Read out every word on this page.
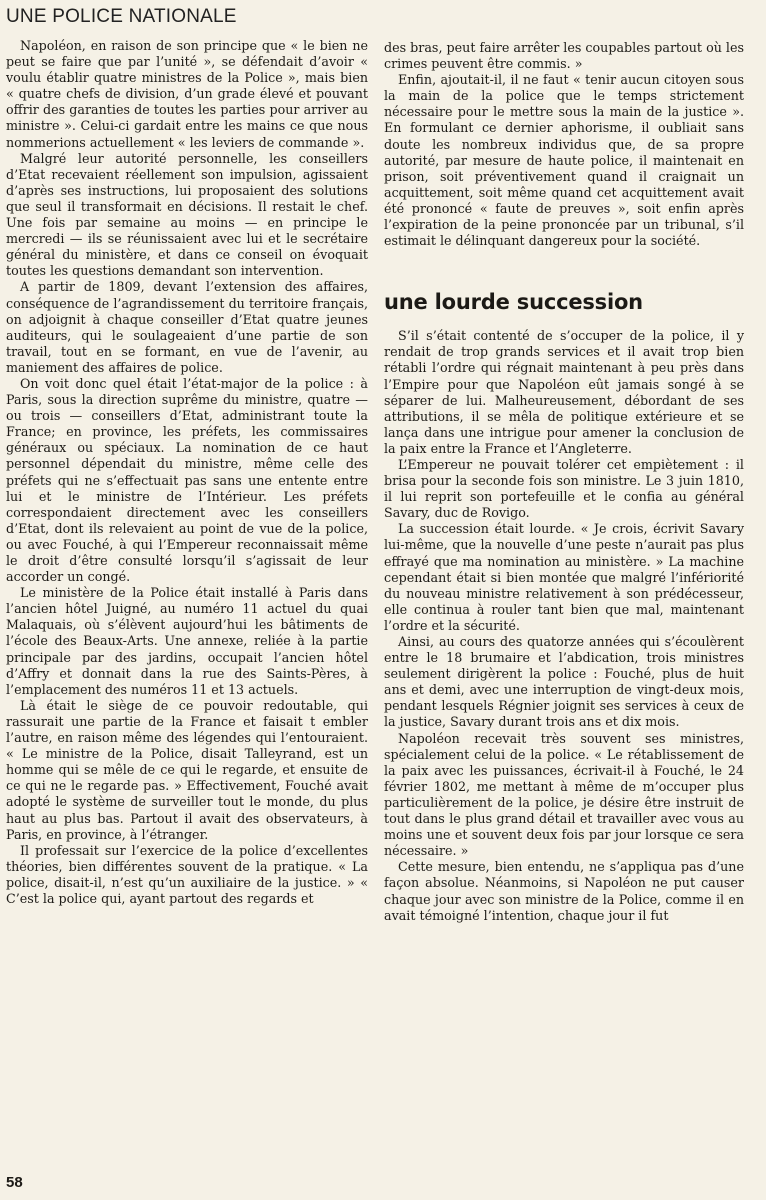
UNE POLICE NATIONALE

Napoléon, en raison de son principe que « le bien ne peut se faire que par l’unité », se défendait d’avoir « voulu établir quatre ministres de la Police », mais bien « quatre chefs de division, d’un grade élevé et pouvant offrir des garanties de toutes les parties pour arriver au ministre ». Celui-ci gardait entre les mains ce que nous nommerions actuellement « les leviers de commande ».

Malgré leur autorité personnelle, les conseillers d’Etat recevaient réellement son impulsion, agissaient d’après ses instructions, lui proposaient des solutions que seul il transformait en décisions. Il restait le chef. Une fois par semaine au moins — en principe le mercredi — ils se réunissaient avec lui et le secrétaire général du ministère, et dans ce conseil on évoquait toutes les questions demandant son intervention.

A partir de 1809, devant l’extension des affaires, conséquence de l’agrandissement du territoire français, on adjoignit à chaque conseiller d’Etat quatre jeunes auditeurs, qui le soulageaient d’une partie de son travail, tout en se formant, en vue de l’avenir, au maniement des affaires de police.

On voit donc quel était l’état-major de la police : à Paris, sous la direction suprême du ministre, quatre — ou trois — conseillers d’Etat, administrant toute la France; en province, les préfets, les commissaires généraux ou spéciaux. La nomination de ce haut personnel dépendait du ministre, même celle des préfets qui ne s’effectuait pas sans une entente entre lui et le ministre de l’Intérieur. Les préfets correspondaient directement avec les conseillers d’Etat, dont ils relevaient au point de vue de la police, ou avec Fouché, à qui l’Empereur reconnaissait même le droit d’être consulté lorsqu’il s’agissait de leur accorder un congé.

Le ministère de la Police était installé à Paris dans l’ancien hôtel Juigné, au numéro 11 actuel du quai Malaquais, où s’élèvent aujourd’hui les bâtiments de l’école des Beaux-Arts. Une annexe, reliée à la partie principale par des jardins, occupait l’ancien hôtel d’Affry et donnait dans la rue des Saints-Pères, à l’emplacement des numéros 11 et 13 actuels.

Là était le siège de ce pouvoir redoutable, qui rassurait une partie de la France et faisait t embler l’autre, en raison même des légendes qui l’entouraient. « Le ministre de la Police, disait Talleyrand, est un homme qui se mêle de ce qui le regarde, et ensuite de ce qui ne le regarde pas. » Effectivement, Fouché avait adopté le système de surveiller tout le monde, du plus haut au plus bas. Partout il avait des observateurs, à Paris, en province, à l’étranger.

Il professait sur l’exercice de la police d’excellentes théories, bien différentes souvent de la pratique. « La police, disait-il, n’est qu’un auxiliaire de la justice. » « C’est la police qui, ayant partout des regards et

des bras, peut faire arrêter les coupables partout où les crimes peuvent être commis. »

Enfin, ajoutait-il, il ne faut « tenir aucun citoyen sous la main de la police que le temps strictement nécessaire pour le mettre sous la main de la justice ». En formulant ce dernier aphorisme, il oubliait sans doute les nombreux individus que, de sa propre autorité, par mesure de haute police, il maintenait en prison, soit préventivement quand il craignait un acquittement, soit même quand cet acquittement avait été prononcé « faute de preuves », soit enfin après l’expiration de la peine prononcée par un tribunal, s’il estimait le délinquant dangereux pour la société.

une lourde succession

S’il s’était contenté de s’occuper de la police, il y rendait de trop grands services et il avait trop bien rétabli l’ordre qui régnait maintenant à peu près dans l’Empire pour que Napoléon eût jamais songé à se séparer de lui. Malheureusement, débordant de ses attributions, il se mêla de politique extérieure et se lança dans une intrigue pour amener la conclusion de la paix entre la France et l’Angleterre.

L’Empereur ne pouvait tolérer cet empiètement : il brisa pour la seconde fois son ministre. Le 3 juin 1810, il lui reprit son portefeuille et le confia au général Savary, duc de Rovigo.

La succession était lourde. « Je crois, écrivit Savary lui-même, que la nouvelle d’une peste n’aurait pas plus effrayé que ma nomination au ministère. » La machine cependant était si bien montée que malgré l’infériorité du nouveau ministre relativement à son prédécesseur, elle continua à rouler tant bien que mal, maintenant l’ordre et la sécurité.

Ainsi, au cours des quatorze années qui s’écoulèrent entre le 18 brumaire et l’abdication, trois ministres seulement dirigèrent la police : Fouché, plus de huit ans et demi, avec une interruption de vingt-deux mois, pendant lesquels Régnier joignit ses services à ceux de la justice, Savary durant trois ans et dix mois.

Napoléon recevait très souvent ses ministres, spécialement celui de la police. « Le rétablissement de la paix avec les puissances, écrivait-il à Fouché, le 24 février 1802, me mettant à même de m’occuper plus particulièrement de la police, je désire être instruit de tout dans le plus grand détail et travailler avec vous au moins une et souvent deux fois par jour lorsque ce sera nécessaire. »

Cette mesure, bien entendu, ne s’appliqua pas d’une façon absolue. Néanmoins, si Napoléon ne put causer chaque jour avec son ministre de la Police, comme il en avait témoigné l’intention, chaque jour il fut

58
